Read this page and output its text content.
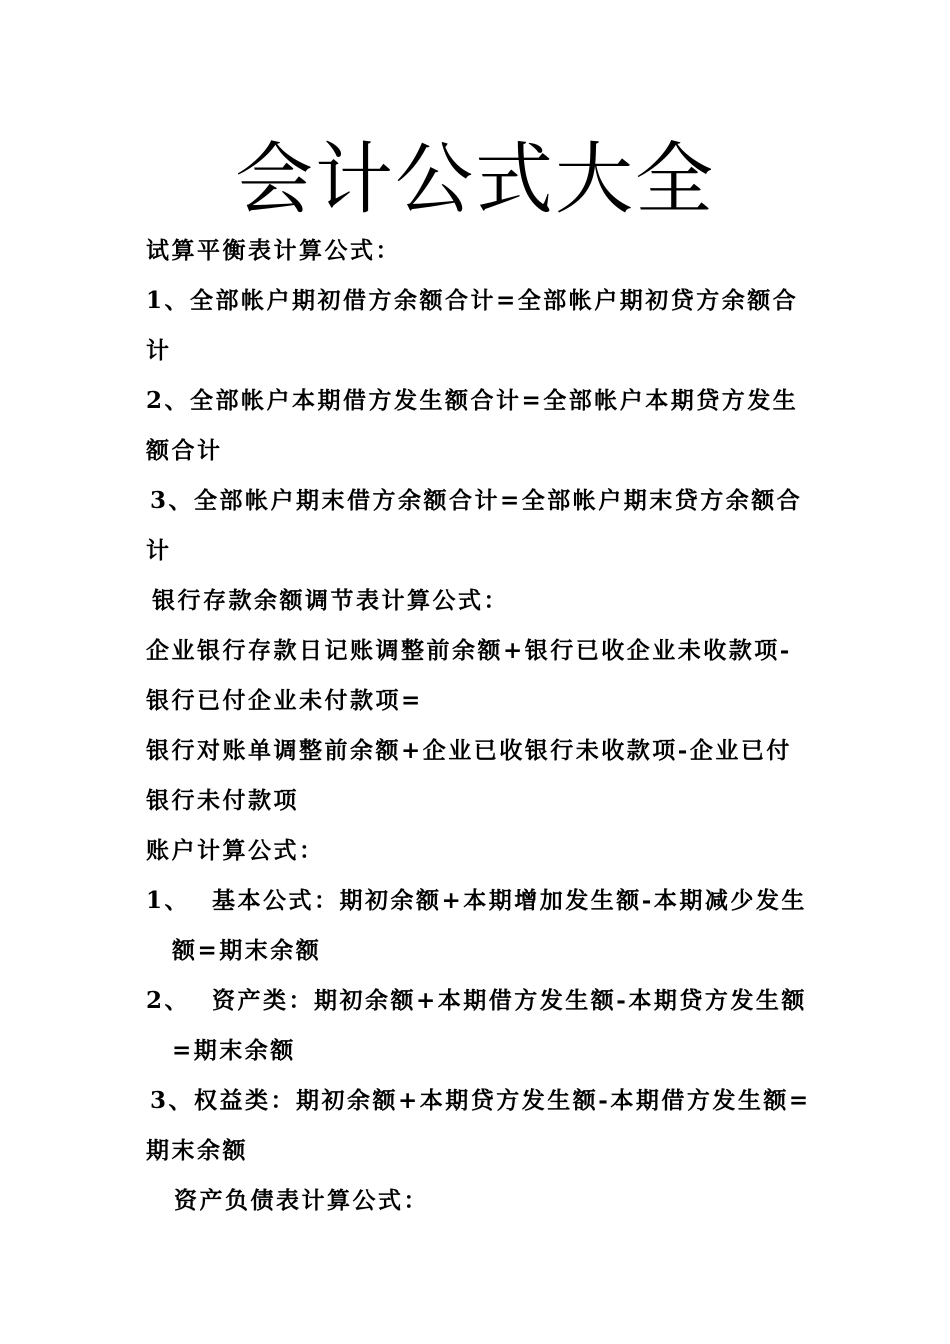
会计公式大全
试算平衡表计算公式：
1、全部帐户期初借方余额合计=全部帐户期初贷方余额合
计
2、全部帐户本期借方发生额合计=全部帐户本期贷方发生
额合计
3、全部帐户期末借方余额合计=全部帐户期末贷方余额合
计
银行存款余额调节表计算公式：
企业银行存款日记账调整前余额+银行已收企业未收款项-
银行已付企业未付款项=
银行对账单调整前余额+企业已收银行未收款项-企业已付
银行未付款项
账户计算公式：
1、 基本公式：期初余额+本期增加发生额-本期减少发生
额=期末余额
2、 资产类：期初余额+本期借方发生额-本期贷方发生额
=期末余额
3、权益类：期初余额+本期贷方发生额-本期借方发生额=
期末余额
资产负债表计算公式：
